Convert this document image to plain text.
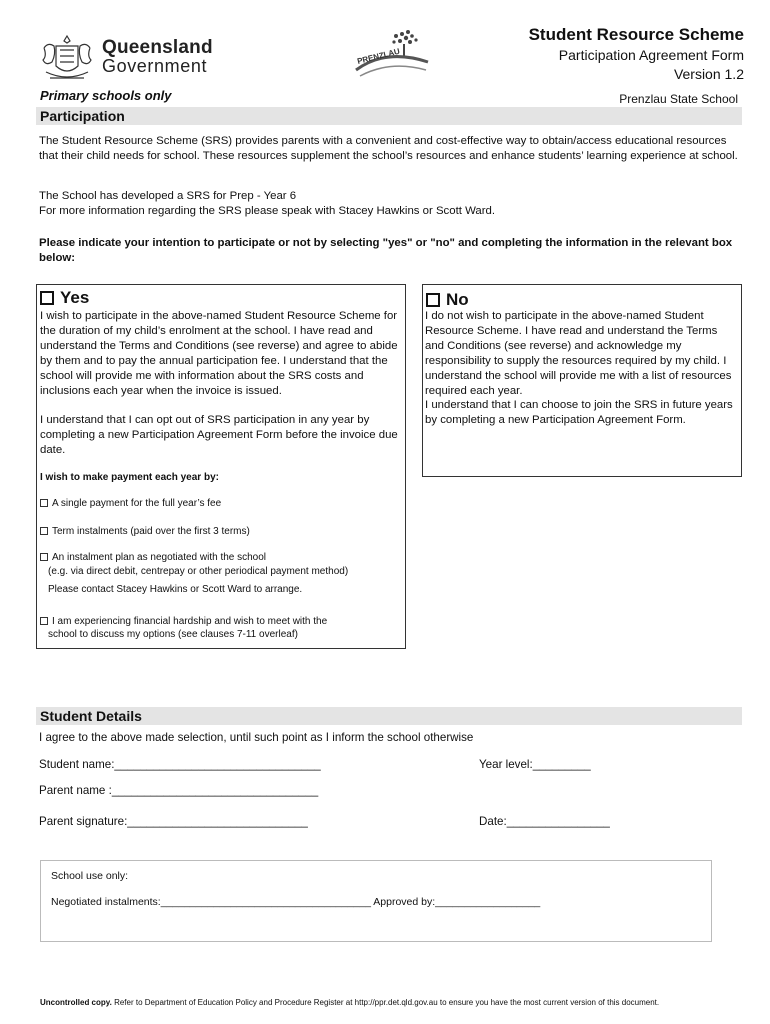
Queensland
Government	PRENZLAU
Student Resource Scheme
Participation Agreement Form
Version 1.2
Primary schools only	Prenzlau State School
Participation
The Student Resource Scheme (SRS) provides parents with a convenient and cost-effective way to obtain/access educational resources that their child needs for school. These resources supplement the school’s resources and enhance students’ learning experience at school.
The School has developed a SRS for Prep - Year 6
For more information regarding the SRS please speak with Stacey Hawkins or Scott Ward.
Please indicate your intention to participate or not by selecting "yes" or "no" and completing the information in the relevant box below:
Yes
I wish to participate in the above-named Student Resource Scheme for the duration of my child’s enrolment at the school. I have read and understand the Terms and Conditions (see reverse) and agree to abide by them and to pay the annual participation fee. I understand that the school will provide me with information about the SRS costs and inclusions each year when the invoice is issued.
I understand that I can opt out of SRS participation in any year by completing a new Participation Agreement Form before the invoice due date.
I wish to make payment each year by:
A single payment for the full year’s fee
Term instalments (paid over the first 3 terms)
An instalment plan as negotiated with the school
(e.g. via direct debit, centrepay or other periodical payment method)
Please contact Stacey Hawkins or Scott Ward to arrange.
I am experiencing financial hardship and wish to meet with the
school to discuss my options (see clauses 7-11 overleaf)
No
I do not wish to participate in the above-named Student Resource Scheme. I have read and understand the Terms and Conditions (see reverse) and acknowledge my responsibility to supply the resources required by my child. I understand the school will provide me with a list of resources required each year.
I understand that I can choose to join the SRS in future years by completing a new Participation Agreement Form.
Student Details
I agree to the above made selection, until such point as I inform the school otherwise
Student name:________________________________	Year level:_________
Parent name :________________________________
Parent signature:____________________________	Date:________________
School use only:
Negotiated instalments:____________________________________ Approved by:__________________
Uncontrolled copy. Refer to Department of Education Policy and Procedure Register at http://ppr.det.qld.gov.au to ensure you have the most current version of this document.
